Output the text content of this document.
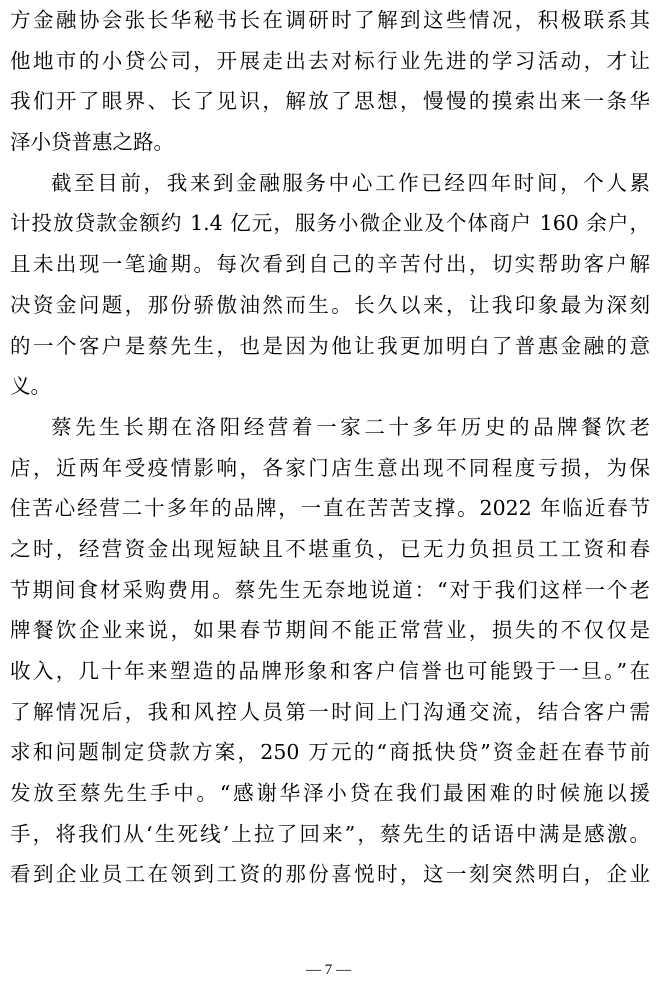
方金融协会张长华秘书长在调研时了解到这些情况，积极联系其
他地市的小贷公司，开展走出去对标行业先进的学习活动，才让
我们开了眼界、长了见识，解放了思想，慢慢的摸索出来一条华
泽小贷普惠之路。
截至目前，我来到金融服务中心工作已经四年时间，个人累
计投放贷款金额约 1.4 亿元，服务小微企业及个体商户 160 余户，
且未出现一笔逾期。每次看到自己的辛苦付出，切实帮助客户解
决资金问题，那份骄傲油然而生。长久以来，让我印象最为深刻
的一个客户是蔡先生，也是因为他让我更加明白了普惠金融的意
义。
蔡先生长期在洛阳经营着一家二十多年历史的品牌餐饮老
店，近两年受疫情影响，各家门店生意出现不同程度亏损，为保
住苦心经营二十多年的品牌，一直在苦苦支撑。2022 年临近春节
之时，经营资金出现短缺且不堪重负，已无力负担员工工资和春
节期间食材采购费用。蔡先生无奈地说道：“对于我们这样一个老
牌餐饮企业来说，如果春节期间不能正常营业，损失的不仅仅是
收入，几十年来塑造的品牌形象和客户信誉也可能毁于一旦。”在
了解情况后，我和风控人员第一时间上门沟通交流，结合客户需
求和问题制定贷款方案，250 万元的“商抵快贷”资金赶在春节前
发放至蔡先生手中。“感谢华泽小贷在我们最困难的时候施以援
手，将我们从‘生死线’上拉了回来”，蔡先生的话语中满是感激。
看到企业员工在领到工资的那份喜悦时，这一刻突然明白，企业
— 7 —
